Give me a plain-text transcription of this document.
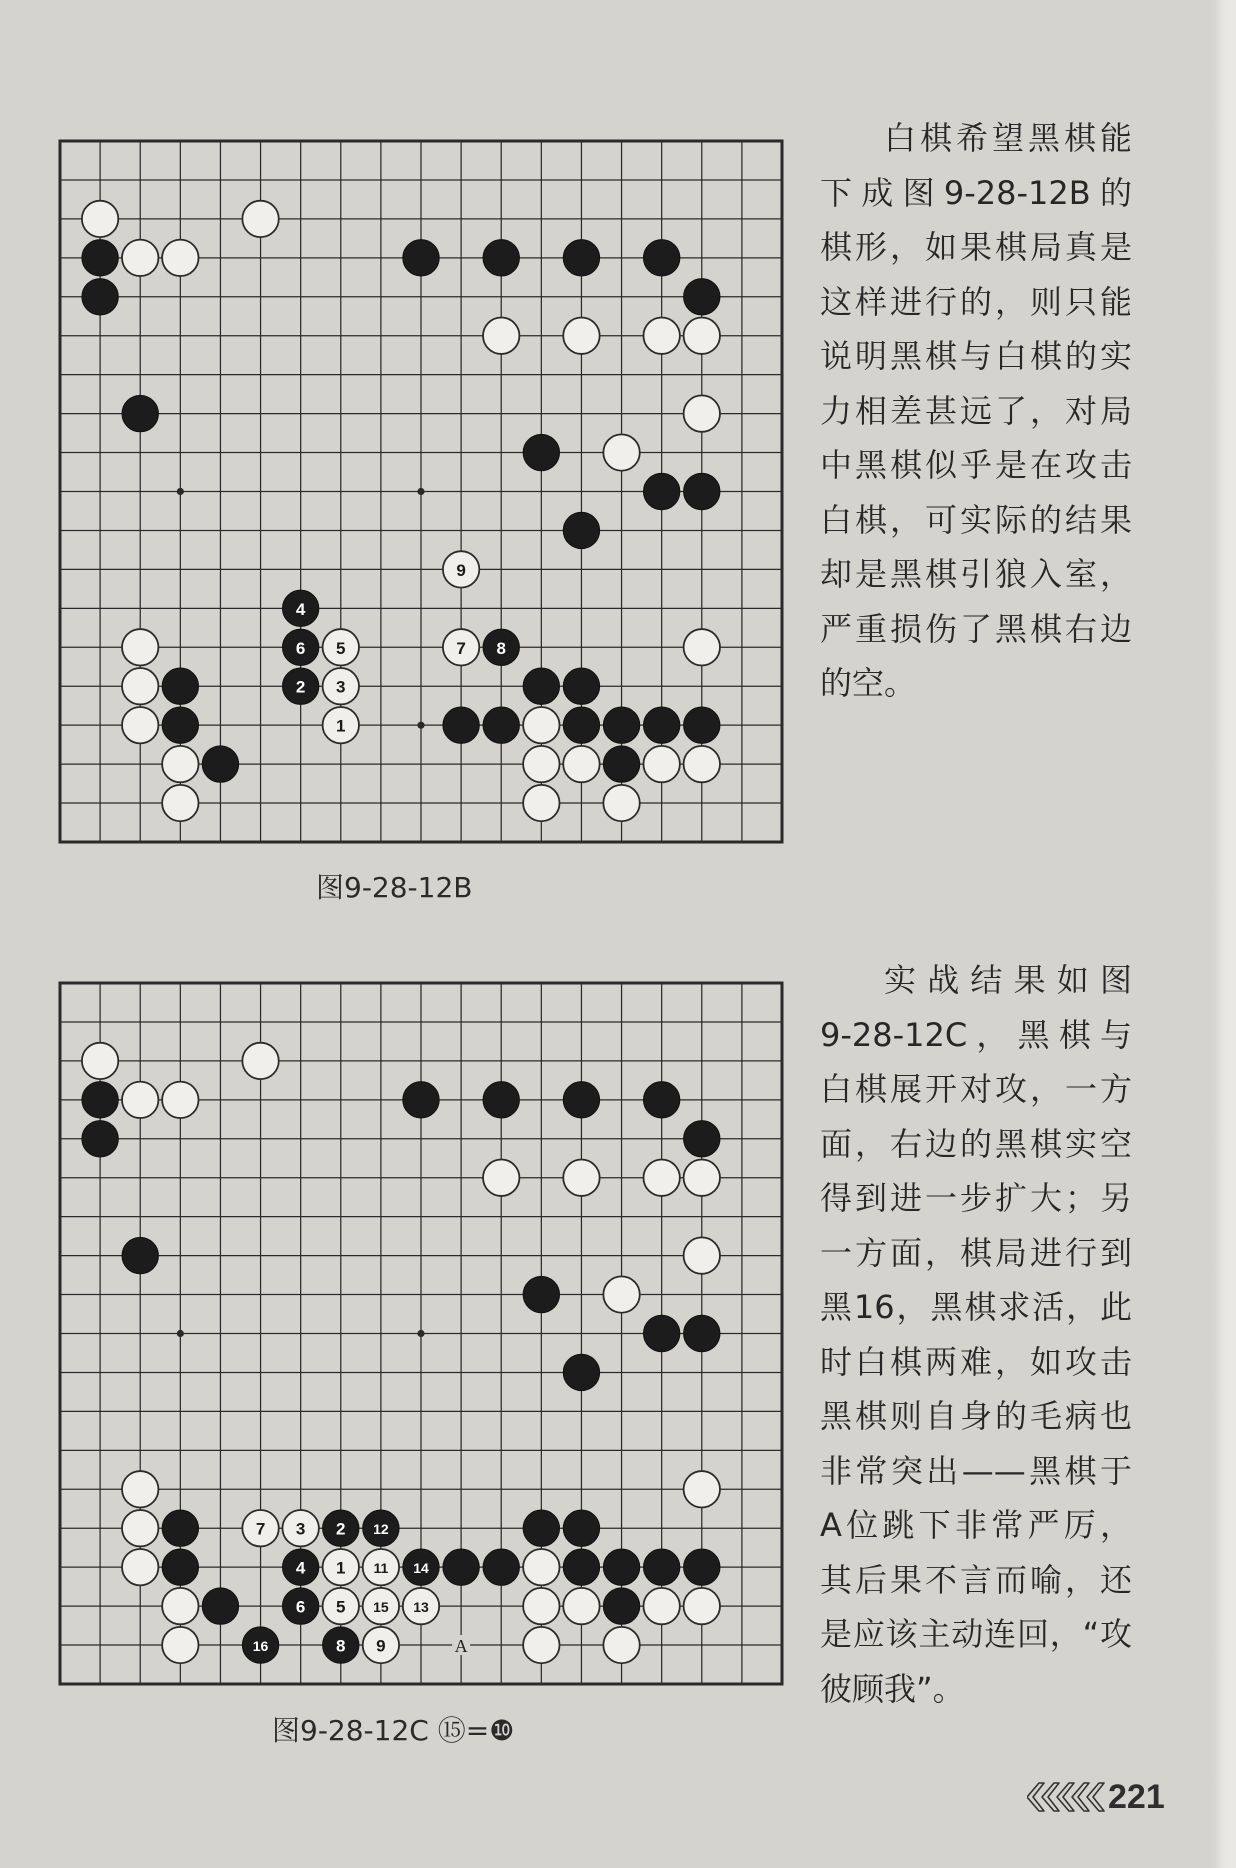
9
4
6 5	7 8
2 3
1
图9-28-12B
A
7 3 2 12
4 1 11 14
6 5 15 13
16	8 9
图9-28-12C ⑮=❿
白棋希望黑棋能
下成图9-28-12B的
棋形，如果棋局真是
这样进行的，则只能
说明黑棋与白棋的实
力相差甚远了，对局
中黑棋似乎是在攻击
白棋，可实际的结果
却是黑棋引狼入室，
严重损伤了黑棋右边
的空。
实战结果如图
9-28-12C，黑棋与
白棋展开对攻，一方
面，右边的黑棋实空
得到进一步扩大；另
一方面，棋局进行到
黑16，黑棋求活，此
时白棋两难，如攻击
黑棋则自身的毛病也
非常突出——黑棋于
A位跳下非常严厉，
其后果不言而喻，还
是应该主动连回，“攻
彼顾我”。
221
